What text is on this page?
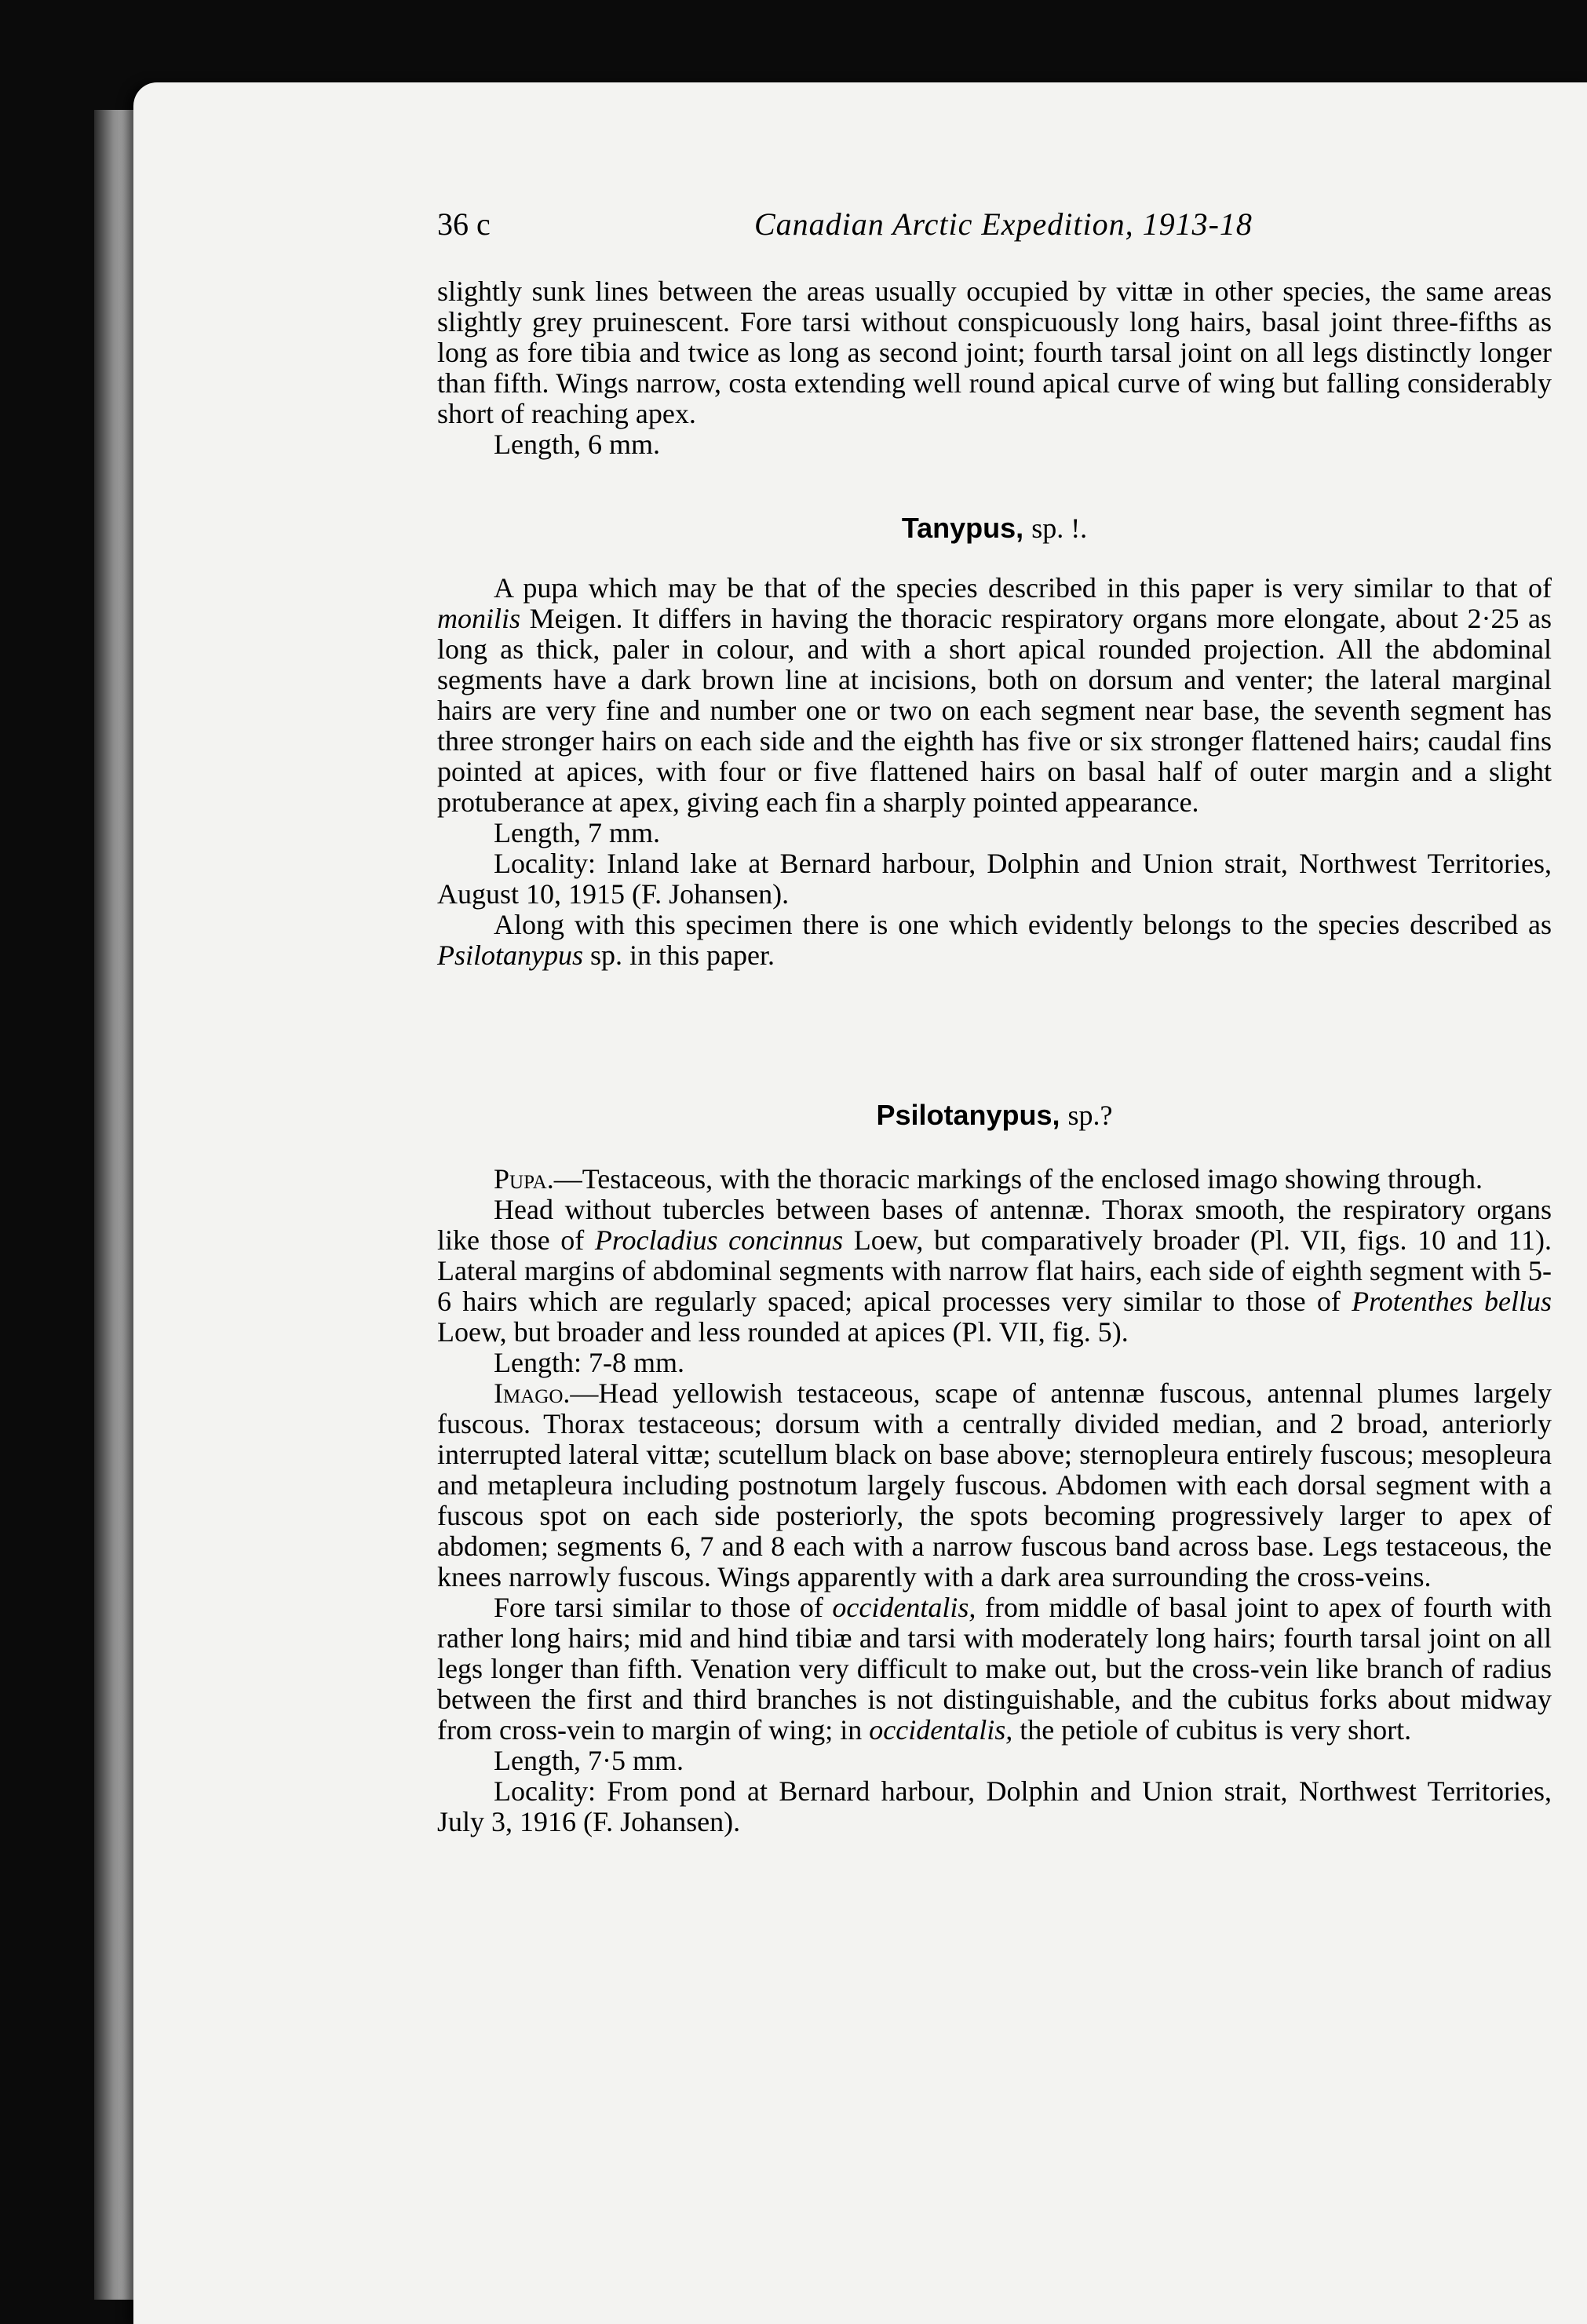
36 c	Canadian Arctic Expedition, 1913-18

slightly sunk lines between the areas usually occupied by vittæ in other species, the same areas slightly grey pruinescent. Fore tarsi without conspicuously long hairs, basal joint three-fifths as long as fore tibia and twice as long as second joint; fourth tarsal joint on all legs distinctly longer than fifth. Wings narrow, costa extending well round apical curve of wing but falling considerably short of reaching apex.

Length, 6 mm.

Tanypus, sp. !.

A pupa which may be that of the species described in this paper is very similar to that of monilis Meigen. It differs in having the thoracic respiratory organs more elongate, about 2·25 as long as thick, paler in colour, and with a short apical rounded projection. All the abdominal segments have a dark brown line at incisions, both on dorsum and venter; the lateral marginal hairs are very fine and number one or two on each segment near base, the seventh segment has three stronger hairs on each side and the eighth has five or six stronger flattened hairs; caudal fins pointed at apices, with four or five flattened hairs on basal half of outer margin and a slight protuberance at apex, giving each fin a sharply pointed appearance.

Length, 7 mm.

Locality: Inland lake at Bernard harbour, Dolphin and Union strait, Northwest Territories, August 10, 1915 (F. Johansen).

Along with this specimen there is one which evidently belongs to the species described as Psilotanypus sp. in this paper.

Psilotanypus, sp.?

Pupa.—Testaceous, with the thoracic markings of the enclosed imago showing through.

Head without tubercles between bases of antennæ. Thorax smooth, the respiratory organs like those of Procladius concinnus Loew, but comparatively broader (Pl. VII, figs. 10 and 11). Lateral margins of abdominal segments with narrow flat hairs, each side of eighth segment with 5-6 hairs which are regularly spaced; apical processes very similar to those of Protenthes bellus Loew, but broader and less rounded at apices (Pl. VII, fig. 5).

Length: 7-8 mm.

Imago.—Head yellowish testaceous, scape of antennæ fuscous, antennal plumes largely fuscous. Thorax testaceous; dorsum with a centrally divided median, and 2 broad, anteriorly interrupted lateral vittæ; scutellum black on base above; sternopleura entirely fuscous; mesopleura and metapleura including postnotum largely fuscous. Abdomen with each dorsal segment with a fuscous spot on each side posteriorly, the spots becoming progressively larger to apex of abdomen; segments 6, 7 and 8 each with a narrow fuscous band across base. Legs testaceous, the knees narrowly fuscous. Wings apparently with a dark area surrounding the cross-veins.

Fore tarsi similar to those of occidentalis, from middle of basal joint to apex of fourth with rather long hairs; mid and hind tibiæ and tarsi with moderately long hairs; fourth tarsal joint on all legs longer than fifth. Venation very difficult to make out, but the cross-vein like branch of radius between the first and third branches is not distinguishable, and the cubitus forks about midway from cross-vein to margin of wing; in occidentalis, the petiole of cubitus is very short.

Length, 7·5 mm.

Locality: From pond at Bernard harbour, Dolphin and Union strait, Northwest Territories, July 3, 1916 (F. Johansen).
